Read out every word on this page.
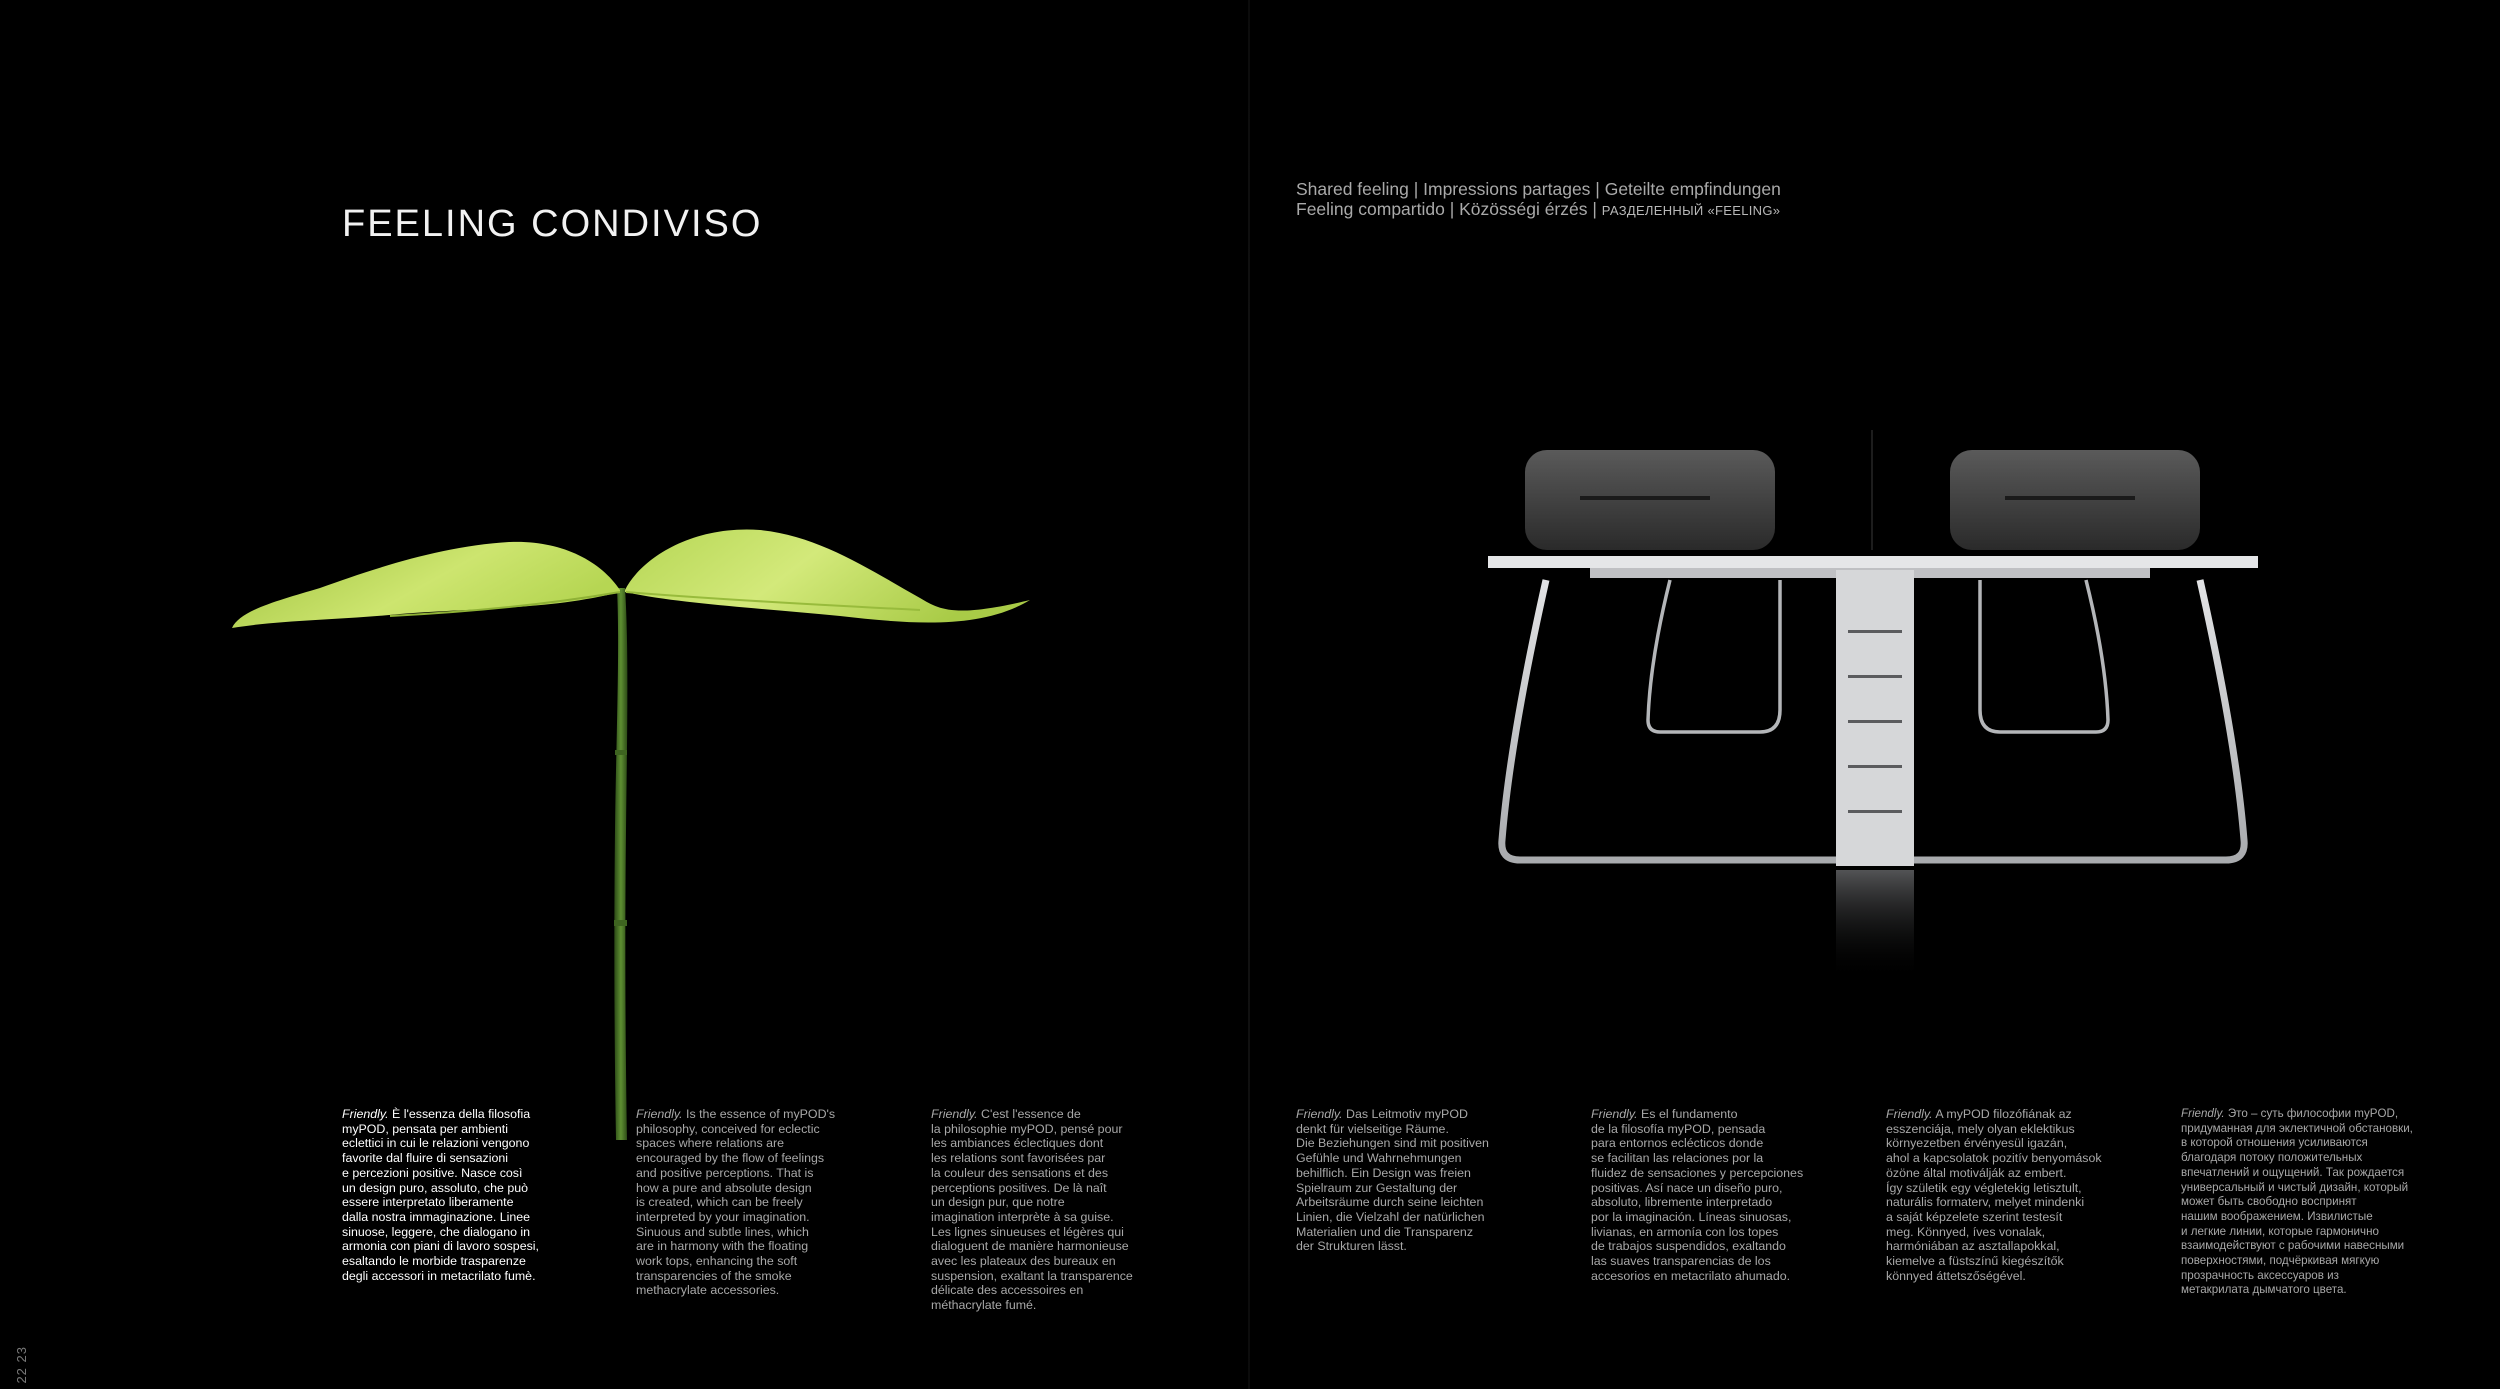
FEELING CONDIVISO
Shared feeling | Impressions partages | Geteilte empfindungen
Feeling compartido | Közösségi érzés | РАЗДЕЛЕННЫЙ «FEELING»
Friendly. È l'essenza della filosofia
myPOD, pensata per ambienti
eclettici in cui le relazioni vengono
favorite dal fluire di sensazioni
e percezioni positive. Nasce così
un design puro, assoluto, che può
essere interpretato liberamente
dalla nostra immaginazione. Linee
sinuose, leggere, che dialogano in
armonia con piani di lavoro sospesi,
esaltando le morbide trasparenze
degli accessori in metacrilato fumè.
Friendly. Is the essence of myPOD's
philosophy, conceived for eclectic
spaces where relations are
encouraged by the flow of feelings
and positive perceptions. That is
how a pure and absolute design
is created, which can be freely
interpreted by your imagination.
Sinuous and subtle lines, which
are in harmony with the floating
work tops, enhancing the soft
transparencies of the smoke
methacrylate accessories.
Friendly. C'est l'essence de
la philosophie myPOD, pensé pour
les ambiances éclectiques dont
les relations sont favorisées par
la couleur des sensations et des
perceptions positives. De là naît
un design pur, que notre
imagination interprète à sa guise.
Les lignes sinueuses et légères qui
dialoguent de manière harmonieuse
avec les plateaux des bureaux en
suspension, exaltant la transparence
délicate des accessoires en
méthacrylate fumé.
Friendly. Das Leitmotiv myPOD
denkt für vielseitige Räume.
Die Beziehungen sind mit positiven
Gefühle und Wahrnehmungen
behilflich. Ein Design was freien
Spielraum zur Gestaltung der
Arbeitsräume durch seine leichten
Linien, die Vielzahl der natürlichen
Materialien und die Transparenz
der Strukturen lässt.
Friendly. Es el fundamento
de la filosofía myPOD, pensada
para entornos eclécticos donde
se facilitan las relaciones por la
fluidez de sensaciones y percepciones
positivas. Así nace un diseño puro,
absoluto, libremente interpretado
por la imaginación. Líneas sinuosas,
livianas, en armonía con los topes
de trabajos suspendidos, exaltando
las suaves transparencias de los
accesorios en metacrilato ahumado.
Friendly. A myPOD filozófiának az
esszenciája, mely olyan eklektikus
környezetben érvényesül igazán,
ahol a kapcsolatok pozitív benyomások
özöne által motiválják az embert.
Így születik egy végletekig letisztult,
naturális formaterv, melyet mindenki
a saját képzelete szerint testesít
meg. Könnyed, íves vonalak,
harmóniában az asztallapokkal,
kiemelve a füstszínű kiegészítők
könnyed áttetszőségével.
Friendly. Это – суть философии myPOD,
придуманная для эклектичной обстановки,
в которой отношения усиливаются
благодаря потоку положительных
впечатлений и ощущений. Так рождается
универсальный и чистый дизайн, который
может быть свободно воспринят
нашим воображением. Извилистые
и легкие линии, которые гармонично
взаимодействуют с рабочими навесными
поверхностями, подчёркивая мягкую
прозрачность аксессуаров из
метакрилата дымчатого цвета.
22 23
